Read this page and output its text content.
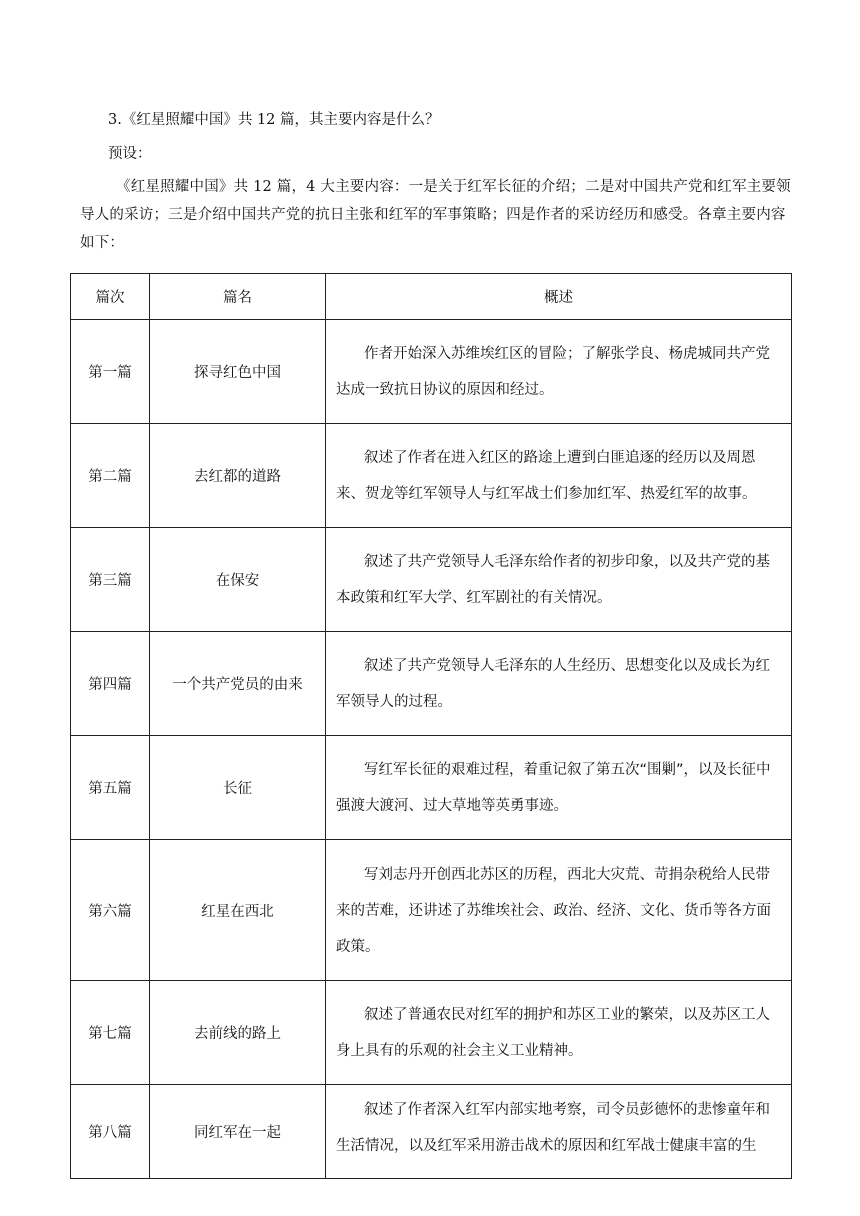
3.《红星照耀中国》共 12 篇，其主要内容是什么？

预设：

《红星照耀中国》共 12 篇，4 大主要内容：一是关于红军长征的介绍；二是对中国共产党和红军主要领导人的采访；三是介绍中国共产党的抗日主张和红军的军事策略；四是作者的采访经历和感受。各章主要内容如下：

篇次	篇名	概述
第一篇	探寻红色中国	作者开始深入苏维埃红区的冒险；了解张学良、杨虎城同共产党达成一致抗日协议的原因和经过。
第二篇	去红都的道路	叙述了作者在进入红区的路途上遭到白匪追逐的经历以及周恩来、贺龙等红军领导人与红军战士们参加红军、热爱红军的故事。
第三篇	在保安	叙述了共产党领导人毛泽东给作者的初步印象，以及共产党的基本政策和红军大学、红军剧社的有关情况。
第四篇	一个共产党员的由来	叙述了共产党领导人毛泽东的人生经历、思想变化以及成长为红军领导人的过程。
第五篇	长征	写红军长征的艰难过程，着重记叙了第五次“围剿”，以及长征中强渡大渡河、过大草地等英勇事迹。
第六篇	红星在西北	写刘志丹开创西北苏区的历程，西北大灾荒、苛捐杂税给人民带来的苦难，还讲述了苏维埃社会、政治、经济、文化、货币等各方面政策。
第七篇	去前线的路上	叙述了普通农民对红军的拥护和苏区工业的繁荣，以及苏区工人身上具有的乐观的社会主义工业精神。
第八篇	同红军在一起	叙述了作者深入红军内部实地考察，司令员彭德怀的悲惨童年和生活情况，以及红军采用游击战术的原因和红军战士健康丰富的生
